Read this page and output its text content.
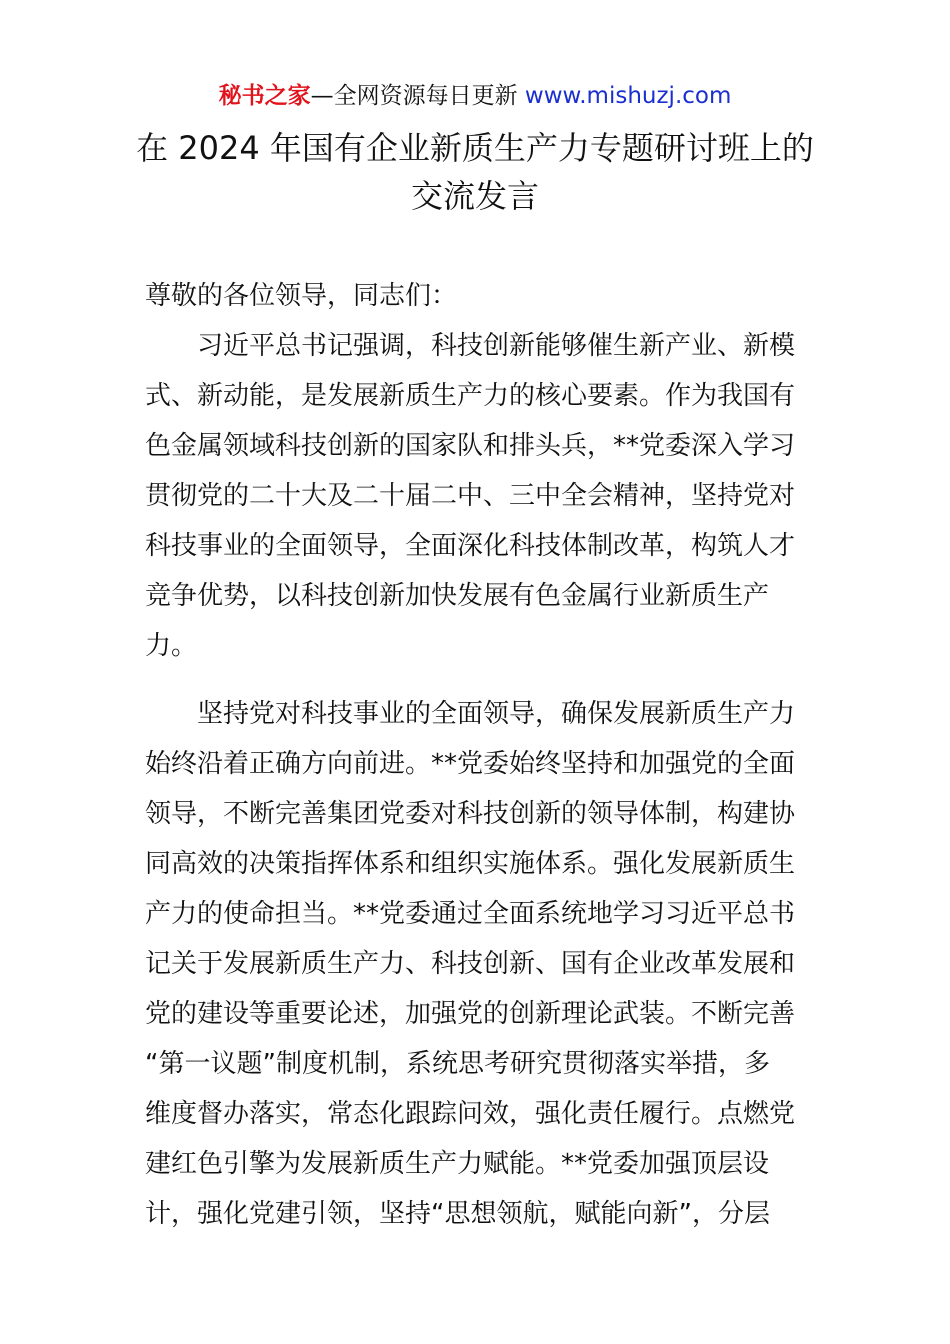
秘书之家—全网资源每日更新 www.mishuzj.com
在 2024 年国有企业新质生产力专题研讨班上的
交流发言
尊敬的各位领导，同志们：
　　习近平总书记强调，科技创新能够催生新产业、新模
式、新动能，是发展新质生产力的核心要素。作为我国有
色金属领域科技创新的国家队和排头兵，**党委深入学习
贯彻党的二十大及二十届二中、三中全会精神，坚持党对
科技事业的全面领导，全面深化科技体制改革，构筑人才
竞争优势，以科技创新加快发展有色金属行业新质生产
力。
　　坚持党对科技事业的全面领导，确保发展新质生产力
始终沿着正确方向前进。**党委始终坚持和加强党的全面
领导，不断完善集团党委对科技创新的领导体制，构建协
同高效的决策指挥体系和组织实施体系。强化发展新质生
产力的使命担当。**党委通过全面系统地学习习近平总书
记关于发展新质生产力、科技创新、国有企业改革发展和
党的建设等重要论述，加强党的创新理论武装。不断完善
“第一议题”制度机制，系统思考研究贯彻落实举措，多
维度督办落实，常态化跟踪问效，强化责任履行。点燃党
建红色引擎为发展新质生产力赋能。**党委加强顶层设
计，强化党建引领，坚持“思想领航，赋能向新”，分层
